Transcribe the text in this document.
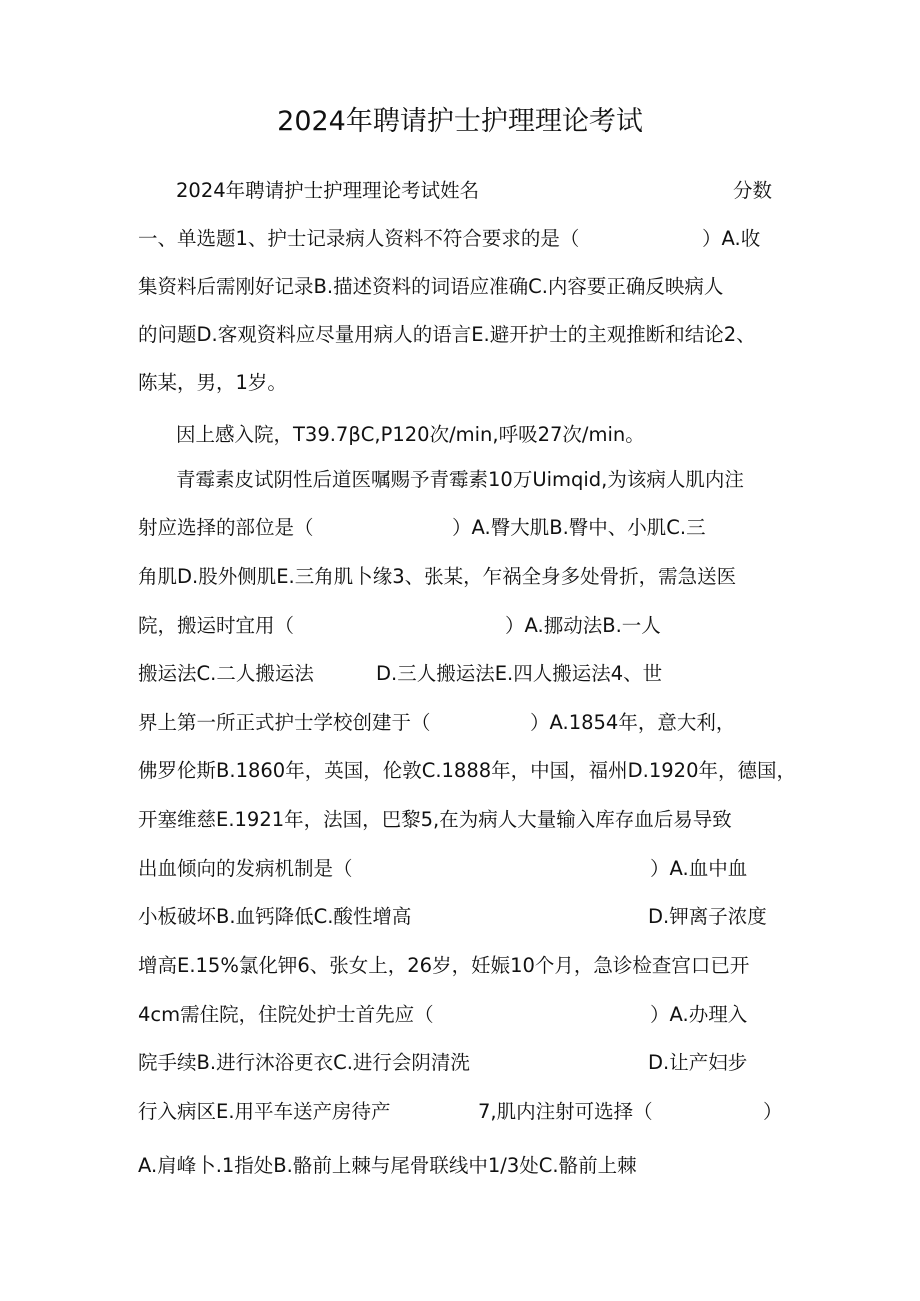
2024年聘请护士护理理论考试
2024年聘请护士护理理论考试姓名	分数
一、单选题1、护士记录病人资料不符合要求的是（	）A.收
集资料后需刚好记录B.描述资料的词语应准确C.内容要正确反映病人
的问题D.客观资料应尽量用病人的语言E.避开护士的主观推断和结论2、
陈某，男，1岁。
因上感入院，T39.7βC,P120次/min,呼吸27次/min。
青霉素皮试阴性后道医嘱赐予青霉素10万Uimqid,为该病人肌内注
射应选择的部位是（	）A.臀大肌B.臀中、小肌C.三
角肌D.股外侧肌E.三角肌卜缘3、张某，乍祸全身多处骨折，需急送医
院，搬运时宜用（	）A.挪动法B.一人
搬运法C.二人搬运法	D.三人搬运法E.四人搬运法4、世
界上第一所正式护士学校创建于（	）A.1854年，意大利，
佛罗伦斯B.1860年，英国，伦敦C.1888年，中国，福州D.1920年，德国，
开塞维慈E.1921年，法国，巴黎5,在为病人大量输入库存血后易导致
出血倾向的发病机制是（	）A.血中血
小板破坏B.血钙降低C.酸性增高	D.钾离子浓度
增高E.15%氯化钾6、张女上，26岁，妊娠10个月，急诊检查宫口已开
4cm需住院，住院处护士首先应（	）A.办理入
院手续B.进行沐浴更衣C.进行会阴清洗	D.让产妇步
行入病区E.用平车送产房待产	7,肌内注射可选择（	）
A.肩峰卜.1指处B.骼前上棘与尾骨联线中1/3处C.骼前上棘
